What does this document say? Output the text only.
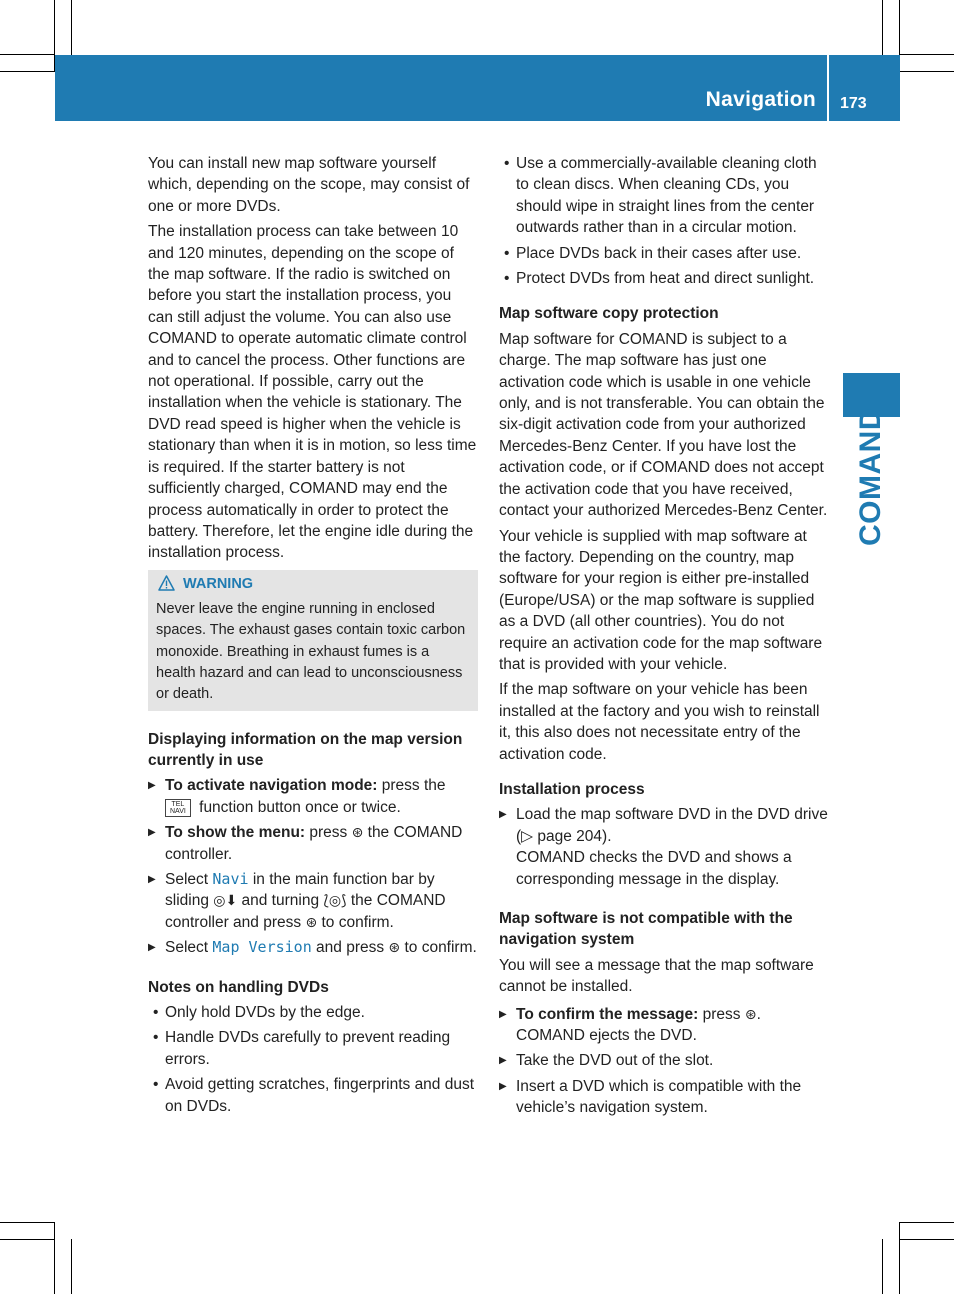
Navigation 173
COMAND

You can install new map software yourself which, depending on the scope, may consist of one or more DVDs.

The installation process can take between 10 and 120 minutes, depending on the scope of the map software. If the radio is switched on before you start the installation process, you can still adjust the volume. You can also use COMAND to operate automatic climate control and to cancel the process. Other functions are not operational. If possible, carry out the installation when the vehicle is stationary. The DVD read speed is higher when the vehicle is stationary than when it is in motion, so less time is required. If the starter battery is not sufficiently charged, COMAND may end the process automatically in order to protect the battery. Therefore, let the engine idle during the installation process.

WARNING
Never leave the engine running in enclosed spaces. The exhaust gases contain toxic carbon monoxide. Breathing in exhaust fumes is a health hazard and can lead to unconsciousness or death.
Displaying information on the map version currently in use
▶ To activate navigation mode: press the
TEL
NAVI function button once or twice.
▶ To show the menu: press ⊛ the COMAND controller.
▶ Select Navi in the main function bar by sliding ◎⬇ and turning ⟅◎⟆ the COMAND controller and press ⊛ to confirm.
▶ Select Map Version and press ⊛ to confirm.
Notes on handling DVDs
• Only hold DVDs by the edge.
• Handle DVDs carefully to prevent reading errors.
• Avoid getting scratches, fingerprints and dust on DVDs.
• Use a commercially-available cleaning cloth to clean discs. When cleaning CDs, you should wipe in straight lines from the center outwards rather than in a circular motion.
• Place DVDs back in their cases after use.
• Protect DVDs from heat and direct sunlight.
Map software copy protection

Map software for COMAND is subject to a charge. The map software has just one activation code which is usable in one vehicle only, and is not transferable. You can obtain the six-digit activation code from your authorized Mercedes-Benz Center. If you have lost the activation code, or if COMAND does not accept the activation code that you have received, contact your authorized Mercedes-Benz Center.

Your vehicle is supplied with map software at the factory. Depending on the country, map software for your region is either pre-installed (Europe/USA) or the map software is supplied as a DVD (all other countries). You do not require an activation code for the map software that is provided with your vehicle.

If the map software on your vehicle has been installed at the factory and you wish to reinstall it, this also does not necessitate entry of the activation code.

Installation process
▶ Load the map software DVD in the DVD drive (▷ page 204).
COMAND checks the DVD and shows a corresponding message in the display.
Map software is not compatible with the navigation system

You will see a message that the map software cannot be installed.

▶ To confirm the message: press ⊛.
COMAND ejects the DVD.
▶ Take the DVD out of the slot.
▶ Insert a DVD which is compatible with the vehicle’s navigation system.
